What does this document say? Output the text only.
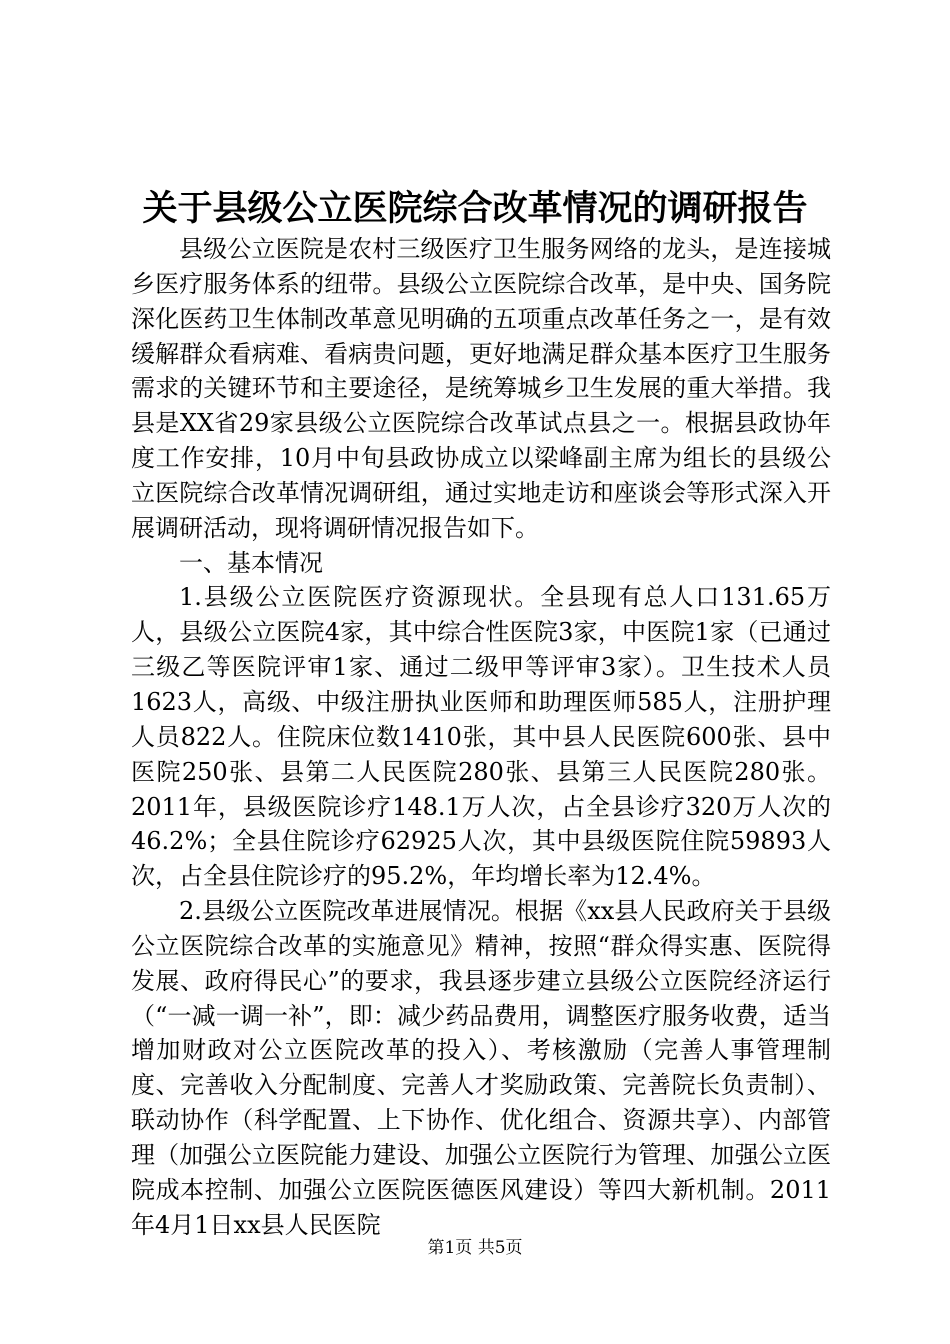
关于县级公立医院综合改革情况的调研报告

县级公立医院是农村三级医疗卫生服务网络的龙头，是连接城乡医疗服务体系的纽带。县级公立医院综合改革，是中央、国务院深化医药卫生体制改革意见明确的五项重点改革任务之一，是有效缓解群众看病难、看病贵问题，更好地满足群众基本医疗卫生服务需求的关键环节和主要途径，是统筹城乡卫生发展的重大举措。我县是XX省29家县级公立医院综合改革试点县之一。根据县政协年度工作安排，10月中旬县政协成立以梁峰副主席为组长的县级公立医院综合改革情况调研组，通过实地走访和座谈会等形式深入开展调研活动，现将调研情况报告如下。

一、基本情况

1.县级公立医院医疗资源现状。全县现有总人口131.65万人，县级公立医院4家，其中综合性医院3家，中医院1家（已通过三级乙等医院评审1家、通过二级甲等评审3家）。卫生技术人员1623人，高级、中级注册执业医师和助理医师585人，注册护理人员822人。住院床位数1410张，其中县人民医院600张、县中医院250张、县第二人民医院280张、县第三人民医院280张。2011年，县级医院诊疗148.1万人次，占全县诊疗320万人次的46.2%；全县住院诊疗62925人次，其中县级医院住院59893人次，占全县住院诊疗的95.2%，年均增长率为12.4%。

2.县级公立医院改革进展情况。根据《xx县人民政府关于县级公立医院综合改革的实施意见》精神，按照“群众得实惠、医院得发展、政府得民心”的要求，我县逐步建立县级公立医院经济运行（“一减一调一补”，即：减少药品费用，调整医疗服务收费，适当增加财政对公立医院改革的投入）、考核激励（完善人事管理制度、完善收入分配制度、完善人才奖励政策、完善院长负责制）、联动协作（科学配置、上下协作、优化组合、资源共享）、内部管理（加强公立医院能力建设、加强公立医院行为管理、加强公立医院成本控制、加强公立医院医德医风建设）等四大新机制。2011年4月1日xx县人民医院

第1页 共5页
